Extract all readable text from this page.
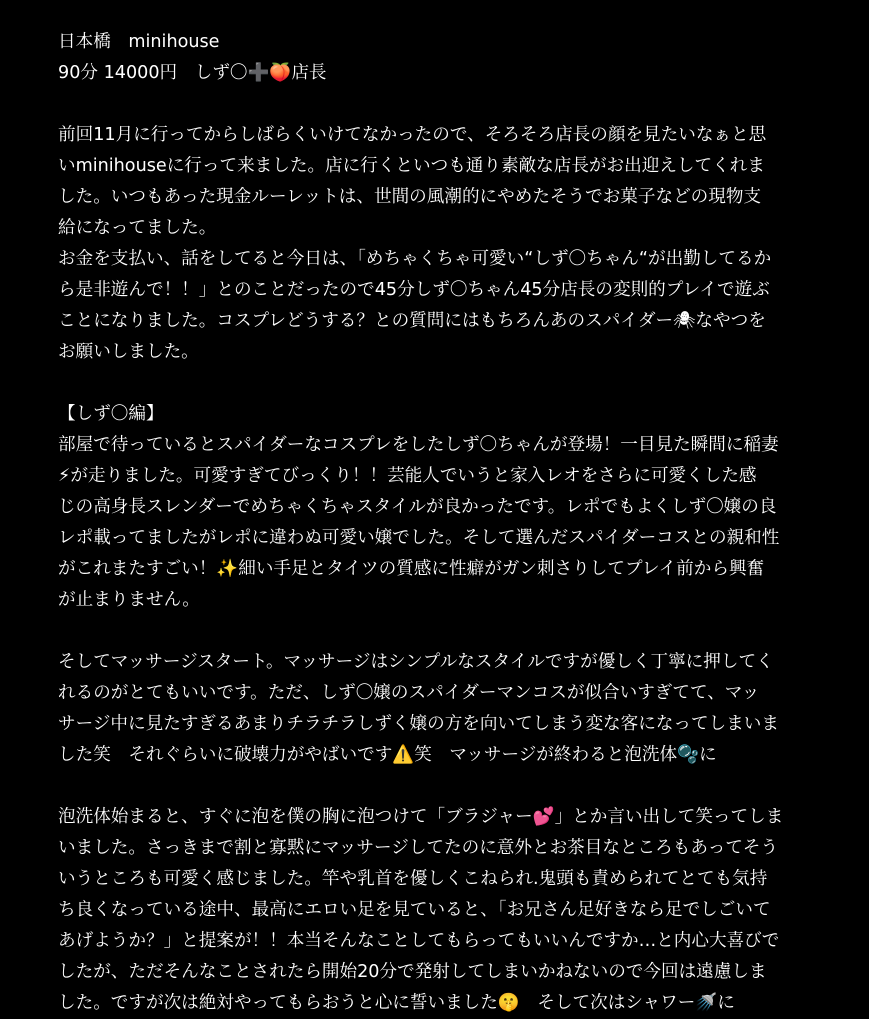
日本橋　minihouse
90分 14000円　しず〇➕🍑店長
前回11月に行ってからしばらくいけてなかったので、そろそろ店長の顔を見たいなぁと思
いminihouseに行って来ました。店に行くといつも通り素敵な店長がお出迎えしてくれま
した。いつもあった現金ルーレットは、世間の風潮的にやめたそうでお菓子などの現物支
給になってました。
お金を支払い、話をしてると今日は、「めちゃくちゃ可愛い“しず〇ちゃん“が出勤してるか
ら是非遊んで！！」とのことだったので45分しず〇ちゃん45分店長の変則的プレイで遊ぶ
ことになりました。コスプレどうする？との質問にはもちろんあのスパイダー🕷なやつを
お願いしました。
【しず〇編】
部屋で待っているとスパイダーなコスプレをしたしず〇ちゃんが登場！一目見た瞬間に稲妻
⚡が走りました。可愛すぎてびっくり！！芸能人でいうと家入レオをさらに可愛くした感
じの高身長スレンダーでめちゃくちゃスタイルが良かったです。レポでもよくしず〇嬢の良
レポ載ってましたがレポに違わぬ可愛い嬢でした。そして選んだスパイダーコスとの親和性
がこれまたすごい！✨細い手足とタイツの質感に性癖がガン刺さりしてプレイ前から興奮
が止まりません。
そしてマッサージスタート。マッサージはシンプルなスタイルですが優しく丁寧に押してく
れるのがとてもいいです。ただ、しず〇嬢のスパイダーマンコスが似合いすぎてて、マッ
サージ中に見たすぎるあまりチラチラしずく嬢の方を向いてしまう変な客になってしまいま
した笑　それぐらいに破壊力がやばいです⚠️笑　マッサージが終わると泡洗体🫧に
泡洗体始まると、すぐに泡を僕の胸に泡つけて「ブラジャー💕」とか言い出して笑ってしま
いました。さっきまで割と寡黙にマッサージしてたのに意外とお茶目なところもあってそう
いうところも可愛く感じました。竿や乳首を優しくこねられ.鬼頭も責められてとても気持
ち良くなっている途中、最高にエロい足を見ていると、「お兄さん足好きなら足でしごいて
あげようか？」と提案が！！本当そんなことしてもらってもいいんですか…と内心大喜びで
したが、ただそんなことされたら開始20分で発射してしまいかねないので今回は遠慮しま
した。ですが次は絶対やってもらおうと心に誓いました🤫　そして次はシャワー🚿に
